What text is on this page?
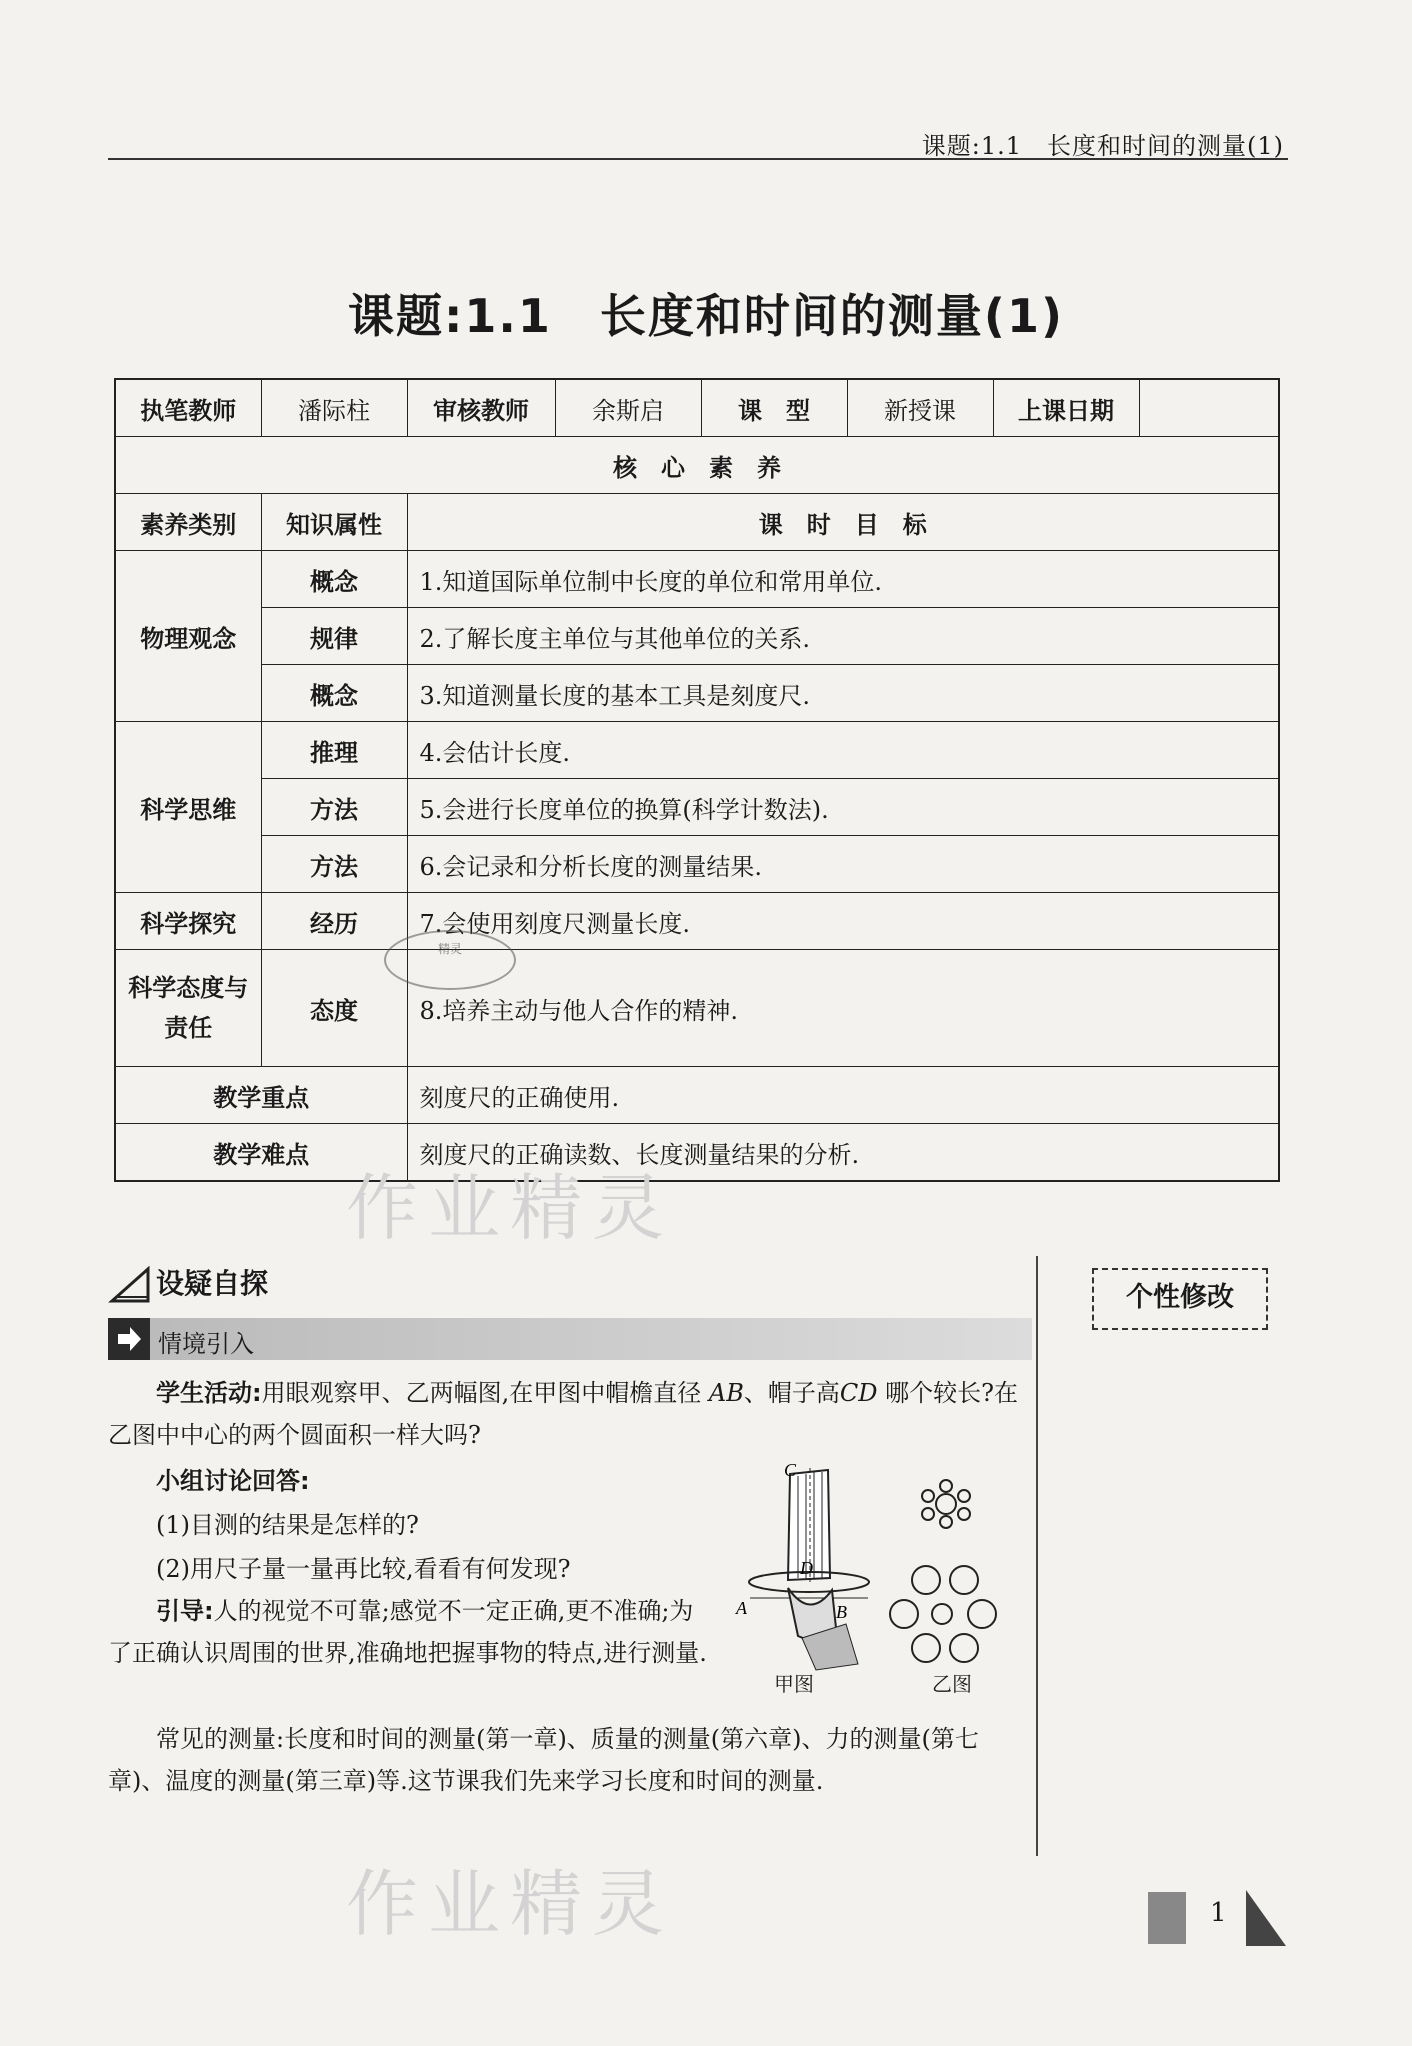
课题:1.1　长度和时间的测量(1)
课题:1.1　长度和时间的测量(1)
执笔教师	潘际柱	审核教师	余斯启	课　型	新授课	上课日期	
核　心　素　养							
素养类别	知识属性	课　时　目　标					
物理观念	概念	1.知道国际单位制中长度的单位和常用单位.					
	规律	2.了解长度主单位与其他单位的关系.					
	概念	3.知道测量长度的基本工具是刻度尺.					
科学思维	推理	4.会估计长度.					
	方法	5.会进行长度单位的换算(科学计数法).					
	方法	6.会记录和分析长度的测量结果.					
科学探究	经历	7.会使用刻度尺测量长度.					
科学态度与责任	态度	8.培养主动与他人合作的精神.					
教学重点		刻度尺的正确使用.					
教学难点		刻度尺的正确读数、长度测量结果的分析.					
精灵
作业精灵
作业精灵
设疑自探
情境引入
个性修改
学生活动:用眼观察甲、乙两幅图,在甲图中帽檐直径 AB、帽子高CD 哪个较长?在乙图中中心的两个圆面积一样大吗?
小组讨论回答:
(1)目测的结果是怎样的?
(2)用尺子量一量再比较,看看有何发现?
引导:人的视觉不可靠;感觉不一定正确,更不准确;为了正确认识周围的世界,准确地把握事物的特点,进行测量.
C
D
A	B
甲图	乙图
常见的测量:长度和时间的测量(第一章)、质量的测量(第六章)、力的测量(第七章)、温度的测量(第三章)等.这节课我们先来学习长度和时间的测量.
1
